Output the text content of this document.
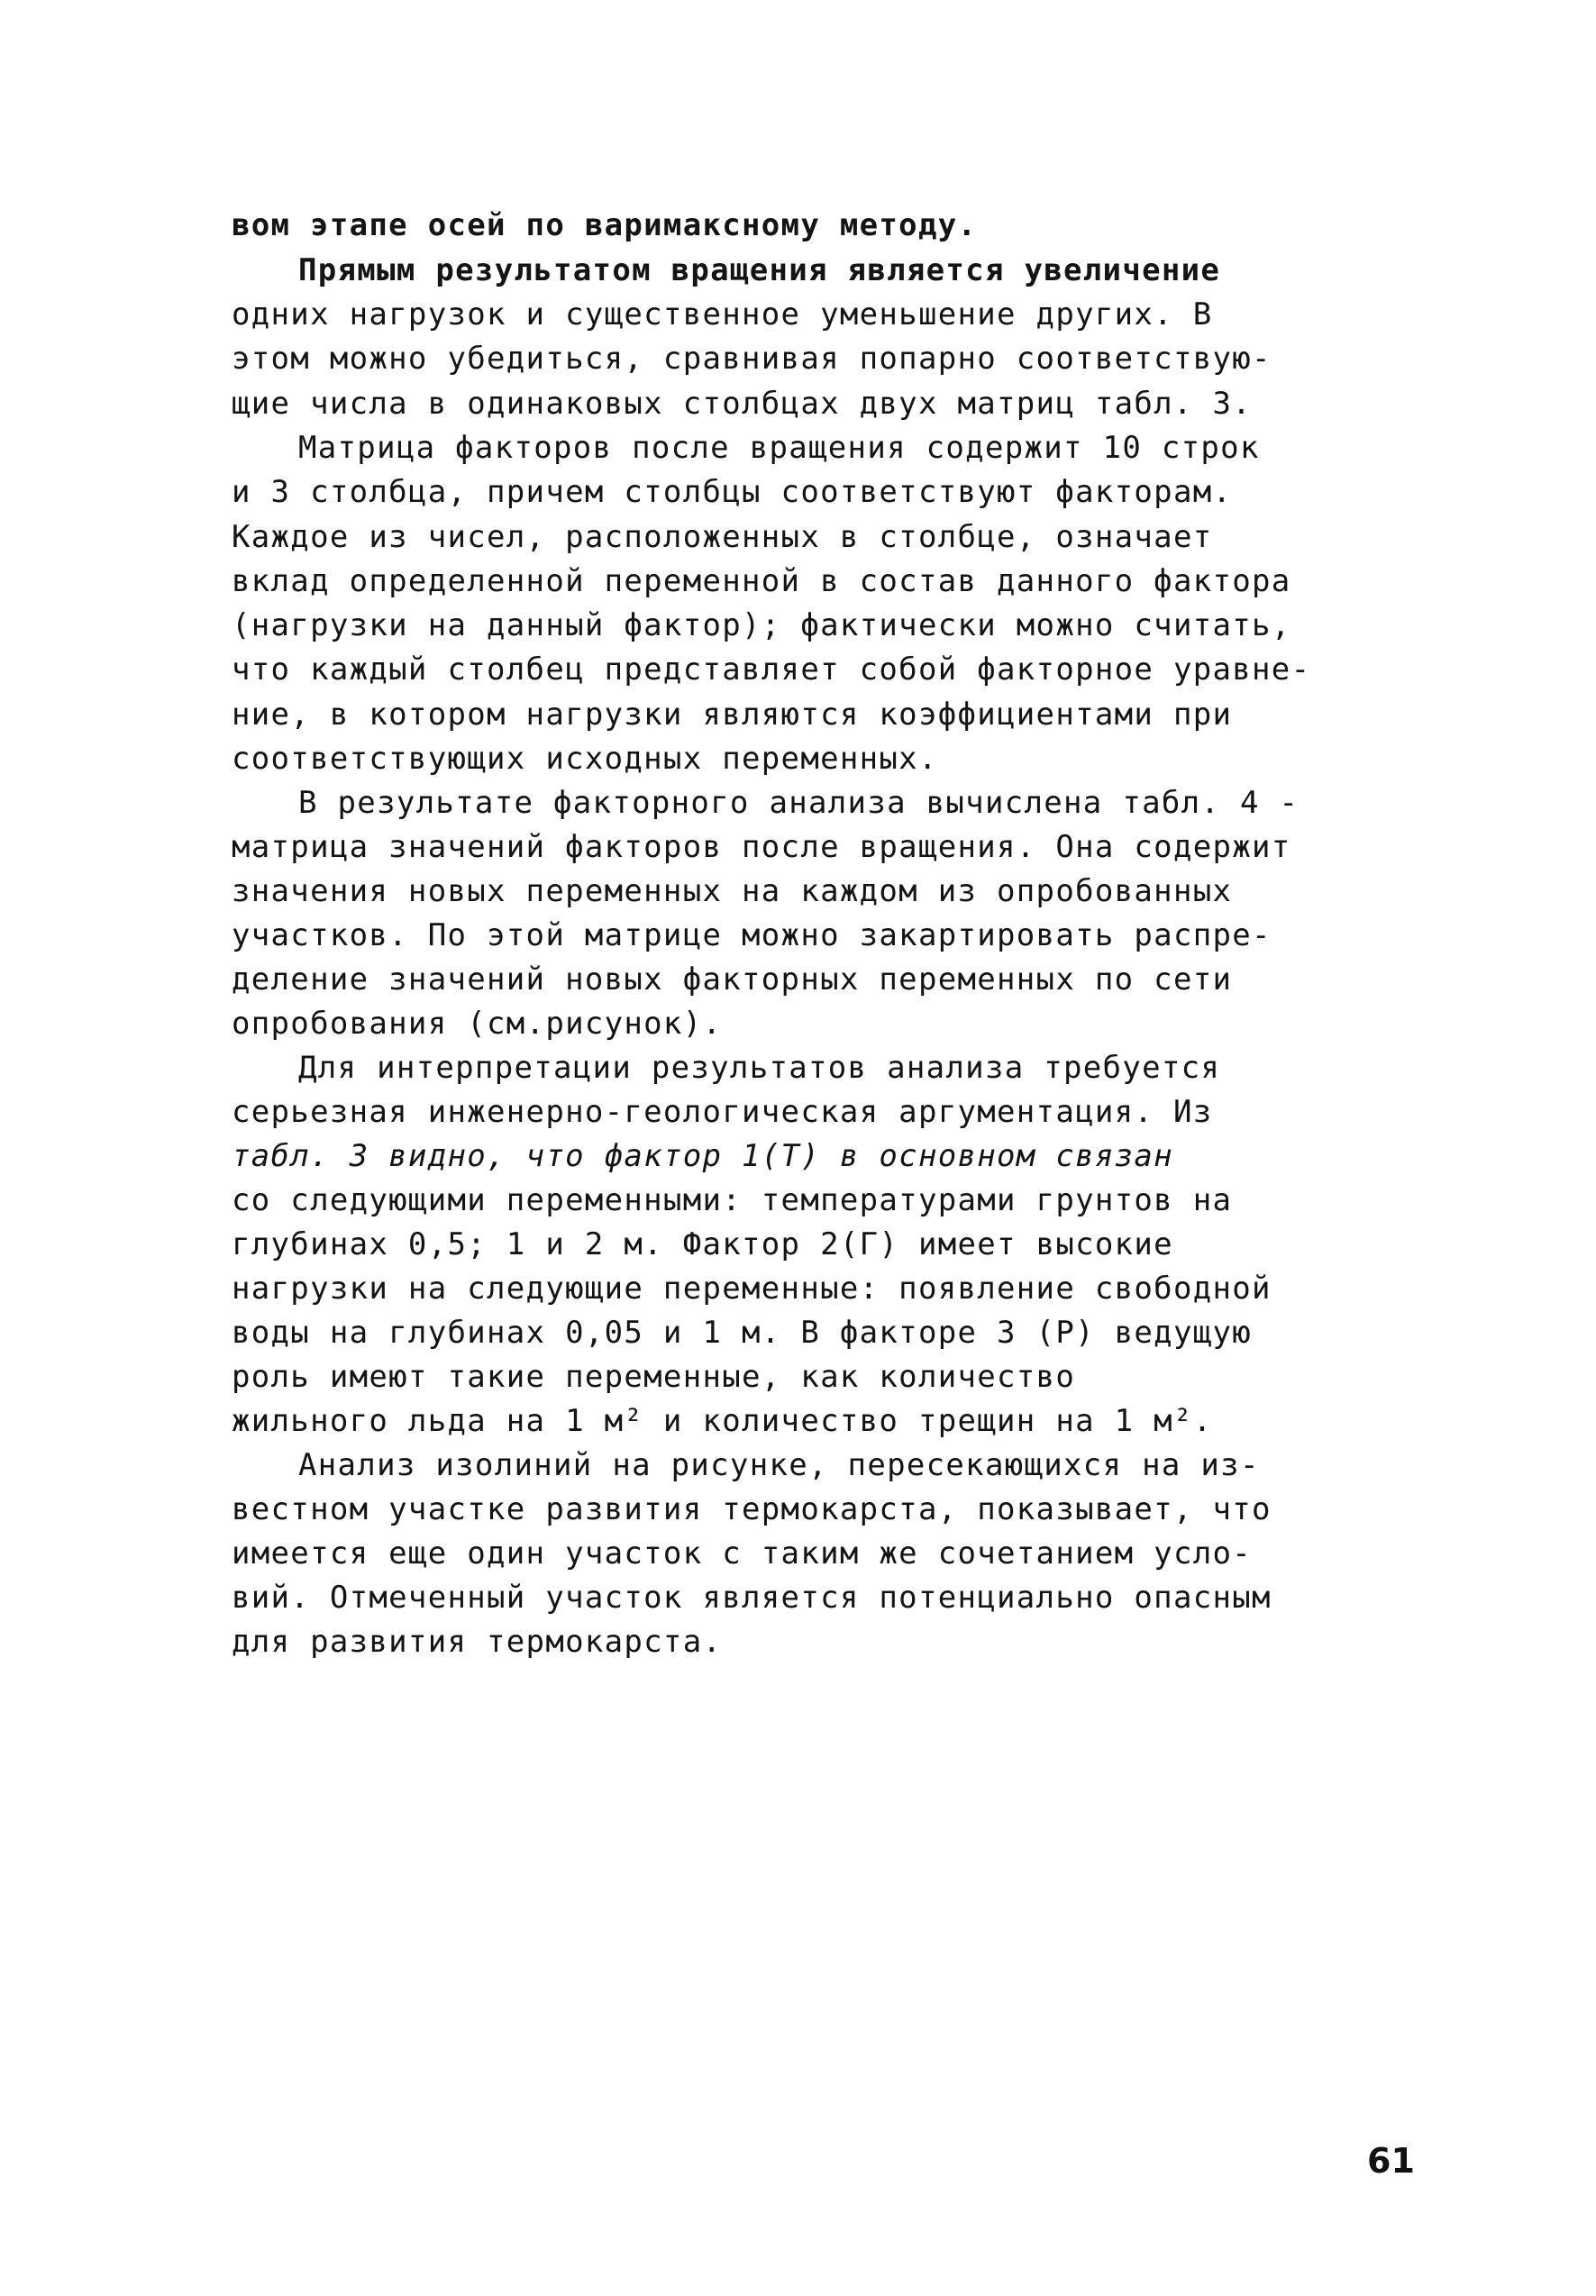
вом этапе осей по варимаксному методу.
Прямым результатом вращения является увеличение
одних нагрузок и существенное уменьшение других. В
этом можно убедиться, сравнивая попарно соответствую-
щие числа в одинаковых столбцах двух матриц табл. 3.
Матрица факторов после вращения содержит 10 строк
и 3 столбца, причем столбцы соответствуют факторам.
Каждое из чисел, расположенных в столбце, означает
вклад определенной переменной в состав данного фактора
(нагрузки на данный фактор); фактически можно считать,
что каждый столбец представляет собой факторное уравне-
ние, в котором нагрузки являются коэффициентами при
соответствующих исходных переменных.
В результате факторного анализа вычислена табл. 4 -
матрица значений факторов после вращения. Она содержит
значения новых переменных на каждом из опробованных
участков. По этой матрице можно закартировать распре-
деление значений новых факторных переменных по сети
опробования (см.рисунок).
Для интерпретации результатов анализа требуется
серьезная инженерно-геологическая аргументация. Из
табл. 3 видно, что фактор 1(Т) в основном связан
со следующими переменными: температурами грунтов на
глубинах 0,5; 1 и 2 м. Фактор 2(Г) имеет высокие
нагрузки на следующие переменные: появление свободной
воды на глубинах 0,05 и 1 м. В факторе 3 (Р) ведущую
роль имеют такие переменные, как количество
жильного льда на 1 м² и количество трещин на 1 м².
Анализ изолиний на рисунке, пересекающихся на из-
вестном участке развития термокарста, показывает, что
имеется еще один участок с таким же сочетанием усло-
вий. Отмеченный участок является потенциально опасным
для развития термокарста.
61
